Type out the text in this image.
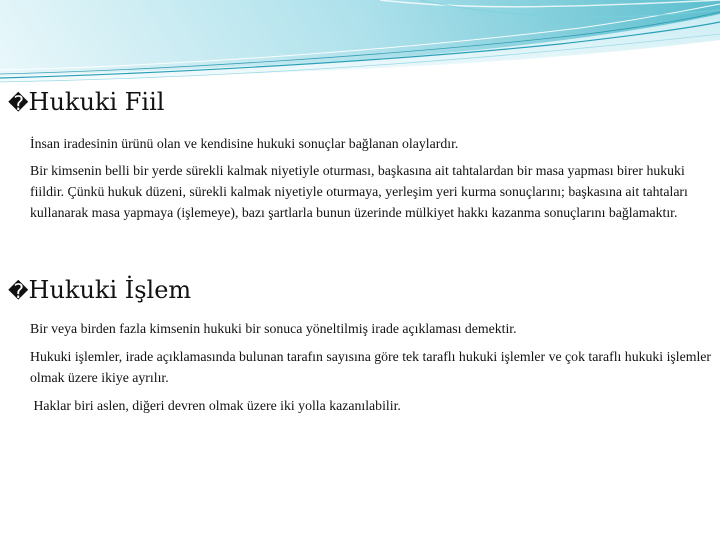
�Hukuki Fiil
İnsan iradesinin ürünü olan ve kendisine hukuki sonuçlar bağlanan olaylardır.
Bir kimsenin belli bir yerde sürekli kalmak niyetiyle oturması, başkasına ait tahtalardan bir masa yapması birer hukuki fiildir. Çünkü hukuk düzeni, sürekli kalmak niyetiyle oturmaya, yerleşim yeri kurma sonuçlarını; başkasına ait tahtaları kullanarak masa yapmaya (işlemeye), bazı şartlarla bunun üzerinde mülkiyet hakkı kazanma sonuçlarını bağlamaktır.
�Hukuki İşlem
Bir veya birden fazla kimsenin hukuki bir sonuca yöneltilmiş irade açıklaması demektir.
Hukuki işlemler, irade açıklamasında bulunan tarafın sayısına göre tek taraflı hukuki işlemler ve çok taraflı hukuki işlemler olmak üzere ikiye ayrılır.
Haklar biri aslen, diğeri devren olmak üzere iki yolla kazanılabilir.
